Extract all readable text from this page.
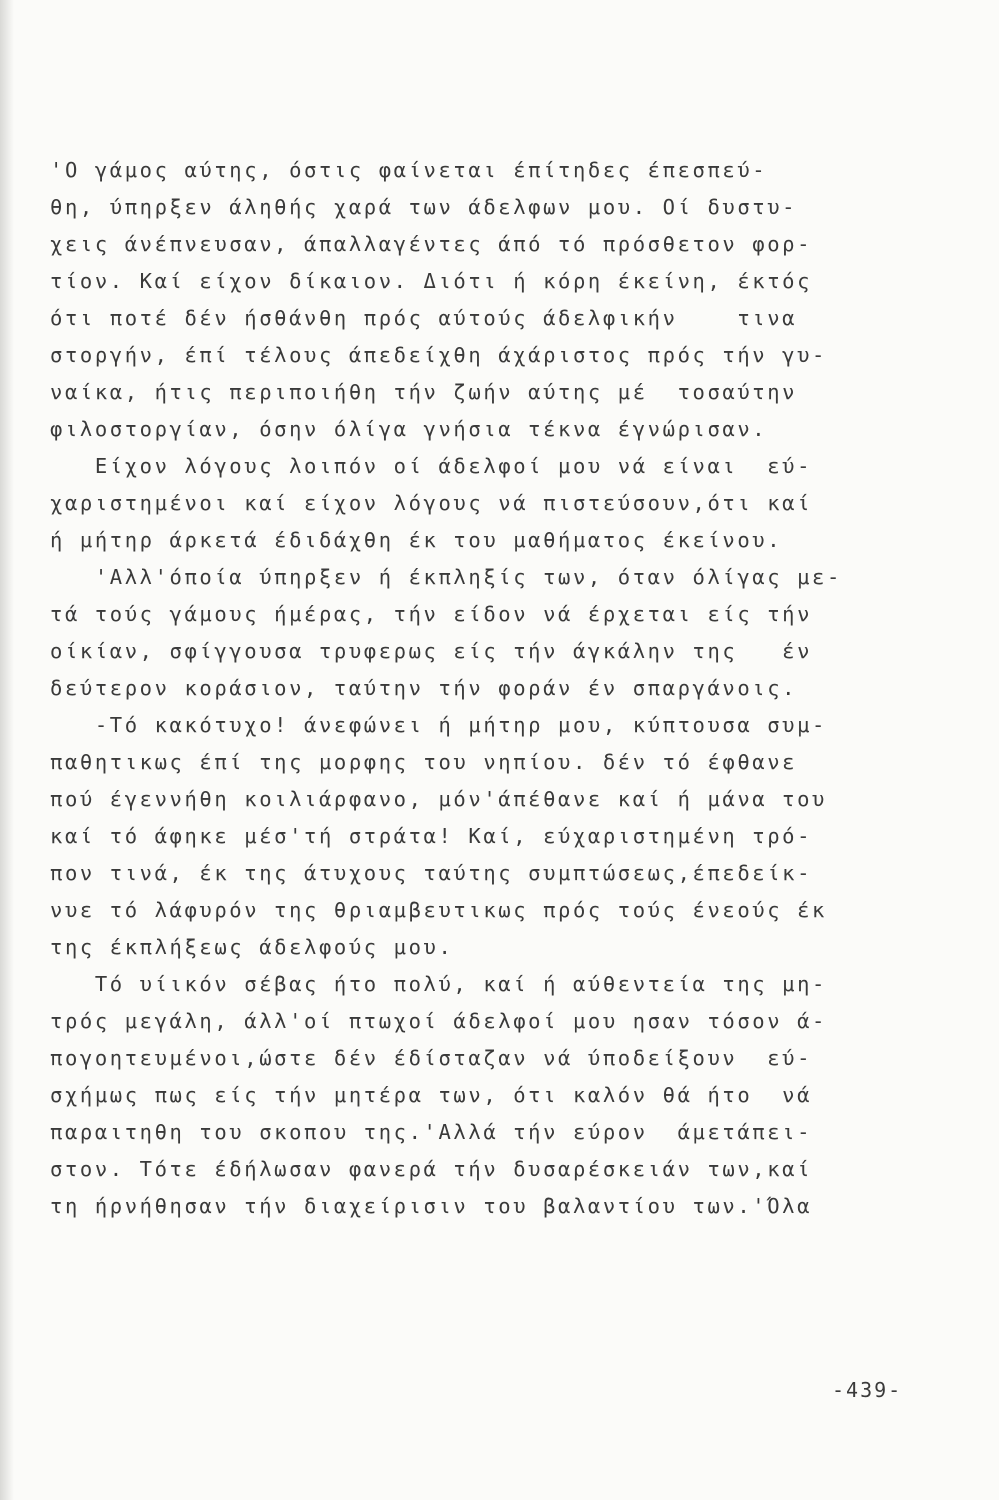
'Ο γάμος αύτης, όστις φαίνεται έπίτηδες έπεσπεύ-
θη, ύπηρξεν άληθής χαρά των άδελφων μου. Οί δυστυ-
χεις άνέπνευσαν, άπαλλαγέντες άπό τό πρόσθετον φορ-
τίον. Καί είχον δίκαιον. Διότι ή κόρη έκείνη, έκτός
ότι ποτέ δέν ήσθάνθη πρός αύτούς άδελφικήν    τινα
στοργήν, έπί τέλους άπεδείχθη άχάριστος πρός τήν γυ-
ναίκα, ήτις περιποιήθη τήν ζωήν αύτης μέ  τοσαύτην
φιλοστοργίαν, όσην όλίγα γνήσια τέκνα έγνώρισαν.
Είχον λόγους λοιπόν οί άδελφοί μου νά είναι  εύ-
χαριστημένοι καί είχον λόγους νά πιστεύσουν,ότι καί
ή μήτηρ άρκετά έδιδάχθη έκ του μαθήματος έκείνου.
'Αλλ'όποία ύπηρξεν ή έκπληξίς των, όταν όλίγας με-
τά τούς γάμους ήμέρας, τήν είδον νά έρχεται είς τήν
οίκίαν, σφίγγουσα τρυφερως είς τήν άγκάλην της   έν
δεύτερον κοράσιον, ταύτην τήν φοράν έν σπαργάνοις.
-Τό κακότυχο! άνεφώνει ή μήτηρ μου, κύπτουσα συμ-
παθητικως έπί της μορφης του νηπίου. δέν τό έφθανε
πού έγεννήθη κοιλιάρφανο, μόν'άπέθανε καί ή μάνα του
καί τό άφηκε μέσ'τή στράτα! Καί, εύχαριστημένη τρό-
πον τινά, έκ της άτυχους ταύτης συμπτώσεως,έπεδείκ-
νυε τό λάφυρόν της θριαμβευτικως πρός τούς ένεούς έκ
της έκπλήξεως άδελφούς μου.
Τό υίικόν σέβας ήτο πολύ, καί ή αύθεντεία της μη-
τρός μεγάλη, άλλ'οί πτωχοί άδελφοί μου ησαν τόσον ά-
πογοητευμένοι,ώστε δέν έδίσταζαν νά ύποδείξουν  εύ-
σχήμως πως είς τήν μητέρα των, ότι καλόν θά ήτο  νά
παραιτηθη του σκοπου της.'Αλλά τήν εύρον  άμετάπει-
στον. Τότε έδήλωσαν φανερά τήν δυσαρέσκειάν των,καί
τη ήρνήθησαν τήν διαχείρισιν του βαλαντίου των.'Όλα
-439-
